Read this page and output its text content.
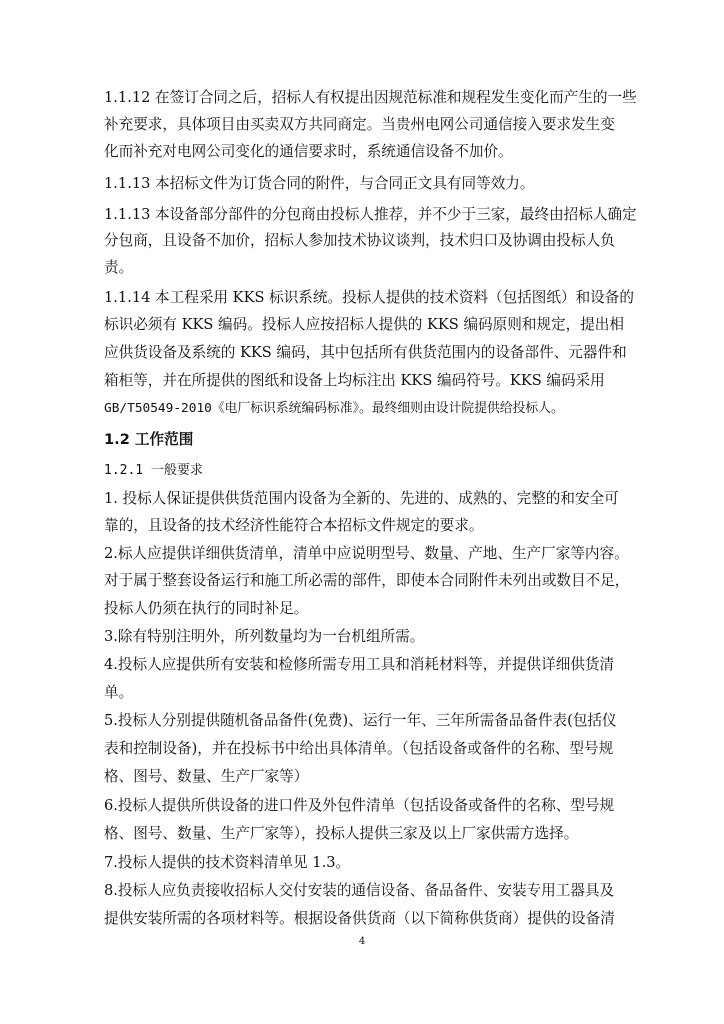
1.1.12 在签订合同之后，招标人有权提出因规范标准和规程发生变化而产生的一些
补充要求，具体项目由买卖双方共同商定。当贵州电网公司通信接入要求发生变
化而补充对电网公司变化的通信要求时，系统通信设备不加价。
1.1.13 本招标文件为订货合同的附件，与合同正文具有同等效力。
1.1.13 本设备部分部件的分包商由投标人推荐，并不少于三家，最终由招标人确定
分包商，且设备不加价，招标人参加技术协议谈判，技术归口及协调由投标人负
责。
1.1.14 本工程采用 KKS 标识系统。投标人提供的技术资料（包括图纸）和设备的
标识必须有 KKS 编码。投标人应按招标人提供的 KKS 编码原则和规定，提出相
应供货设备及系统的 KKS 编码，其中包括所有供货范围内的设备部件、元器件和
箱柜等，并在所提供的图纸和设备上均标注出 KKS 编码符号。KKS 编码采用
GB/T50549-2010《电厂标识系统编码标准》。最终细则由设计院提供给投标人。
1.2 工作范围
1.2.1 一般要求
1. 投标人保证提供供货范围内设备为全新的、先进的、成熟的、完整的和安全可
靠的，且设备的技术经济性能符合本招标文件规定的要求。
2.标人应提供详细供货清单，清单中应说明型号、数量、产地、生产厂家等内容。
对于属于整套设备运行和施工所必需的部件，即使本合同附件未列出或数目不足，
投标人仍须在执行的同时补足。
3.除有特别注明外，所列数量均为一台机组所需。
4.投标人应提供所有安装和检修所需专用工具和消耗材料等，并提供详细供货清
单。
5.投标人分别提供随机备品备件(免费)、运行一年、三年所需备品备件表(包括仪
表和控制设备)，并在投标书中给出具体清单。（包括设备或备件的名称、型号规
格、图号、数量、生产厂家等）
6.投标人提供所供设备的进口件及外包件清单（包括设备或备件的名称、型号规
格、图号、数量、生产厂家等），投标人提供三家及以上厂家供需方选择。
7.投标人提供的技术资料清单见 1.3。
8.投标人应负责接收招标人交付安装的通信设备、备品备件、安装专用工器具及
提供安装所需的各项材料等。根据设备供货商（以下简称供货商）提供的设备清
4
